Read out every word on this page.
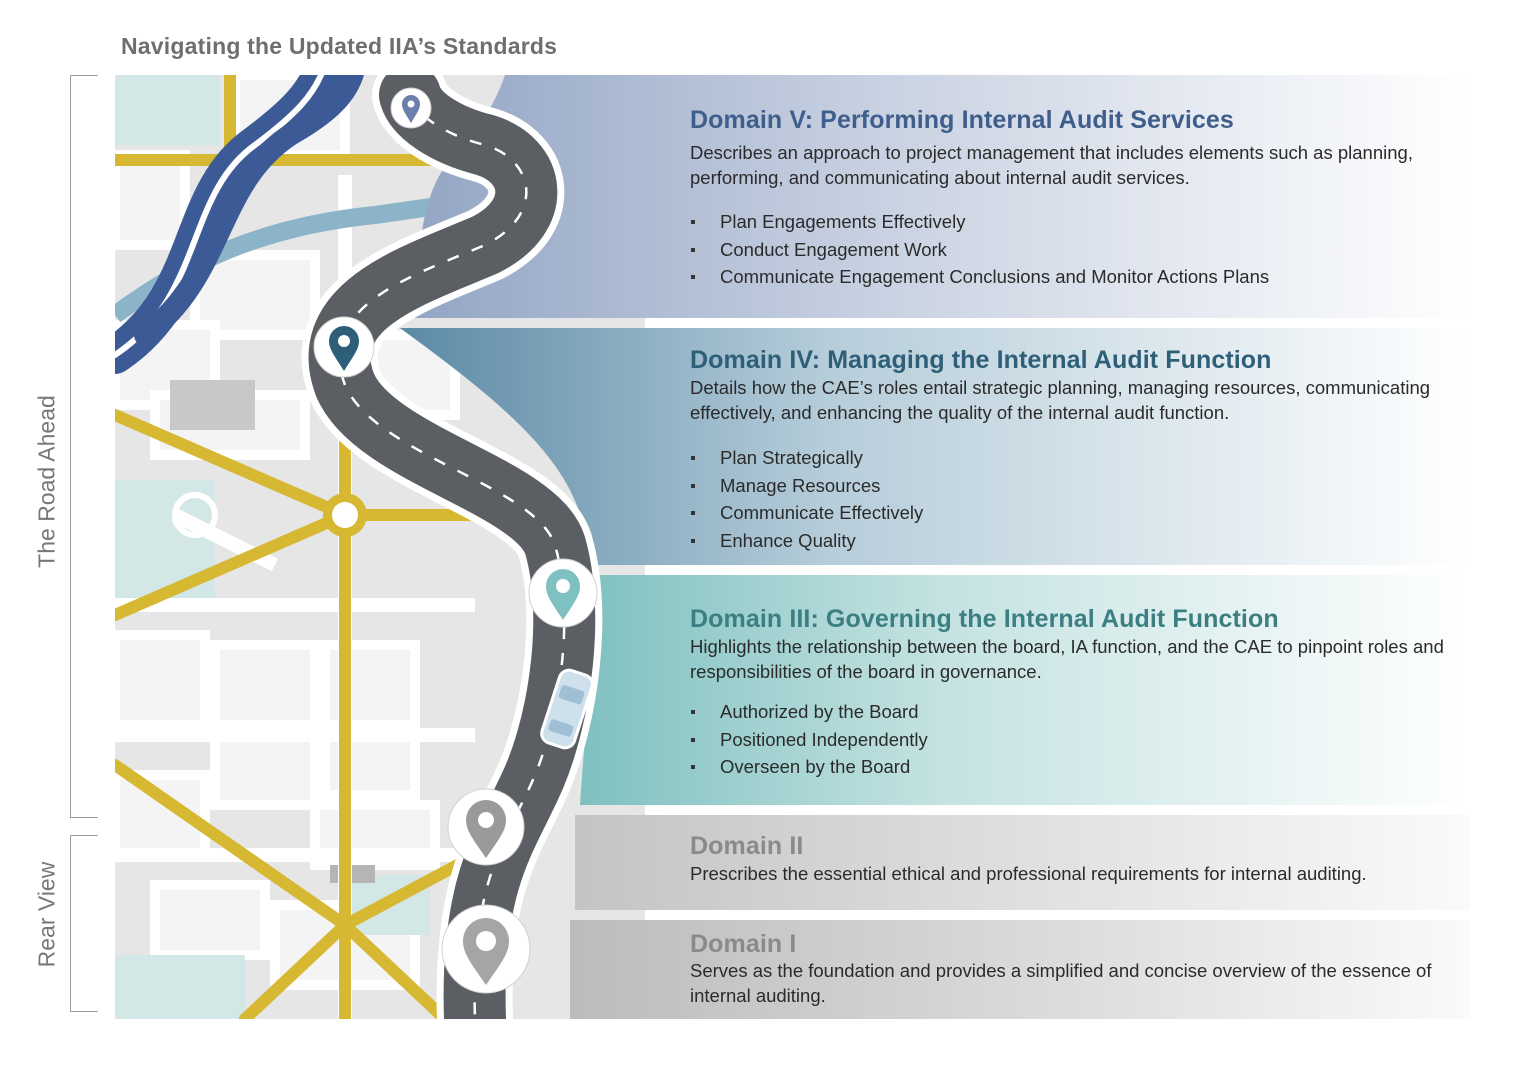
Navigating the Updated IIA’s Standards
The Road Ahead
Rear View
Domain V: Performing Internal Audit Services
Describes an approach to project management that includes elements such as planning, performing, and communicating about internal audit services.
Plan Engagements Effectively
Conduct Engagement Work
Communicate Engagement Conclusions and Monitor Actions Plans
Domain IV: Managing the Internal Audit Function
Details how the CAE’s roles entail strategic planning, managing resources, communicating effectively, and enhancing the quality of the internal audit function.
Plan Strategically
Manage Resources
Communicate Effectively
Enhance Quality
Domain III: Governing the Internal Audit Function
Highlights the relationship between the board, IA function, and the CAE to pinpoint roles and responsibilities of the board in governance.
Authorized by the Board
Positioned Independently
Overseen by the Board
Domain II
Prescribes the essential ethical and professional requirements for internal auditing.
Domain I
Serves as the foundation and provides a simplified and concise overview of the essence of internal auditing.
